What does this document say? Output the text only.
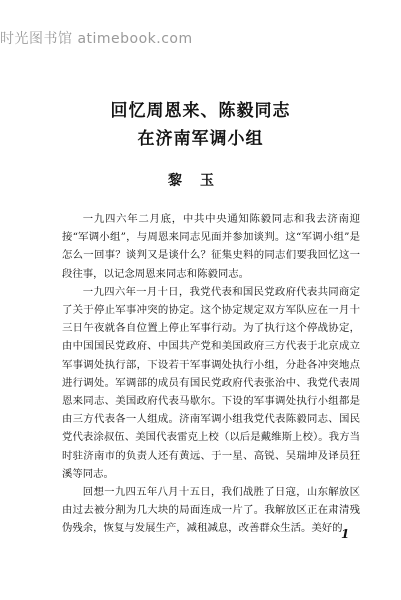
时光图书馆 atimebook.com
回忆周恩来、陈毅同志
在济南军调小组
黎玉

一九四六年二月底，中共中央通知陈毅同志和我去济南迎接“军调小组”，与周恩来同志见面并参加谈判。这“军调小组”是怎么一回事？谈判又是谈什么？征集史料的同志们要我回忆这一段往事，以记念周恩来同志和陈毅同志。

一九四六年一月十日，我党代表和国民党政府代表共同商定了关于停止军事冲突的协定。这个协定规定双方军队应在一月十三日午夜就各自位置上停止军事行动。为了执行这个停战协定，由中国国民党政府、中国共产党和美国政府三方代表于北京成立军事调处执行部，下设若干军事调处执行小组，分赴各冲突地点进行调处。军调部的成员有国民党政府代表张治中、我党代表周恩来同志、美国政府代表马歇尔。下设的军事调处执行小组都是由三方代表各一人组成。济南军调小组我党代表陈毅同志、国民党代表涂叔伍、美国代表雷克上校（以后是戴维斯上校）。我方当时驻济南市的负责人还有黄远、于一星、高锐、吴瑞坤及译员狂溪等同志。

回想一九四五年八月十五日，我们战胜了日寇，山东解放区由过去被分割为几大块的局面连成一片了。我解放区正在肃清残伪残余，恢复与发展生产，减租减息，改善群众生活。美好的

1
